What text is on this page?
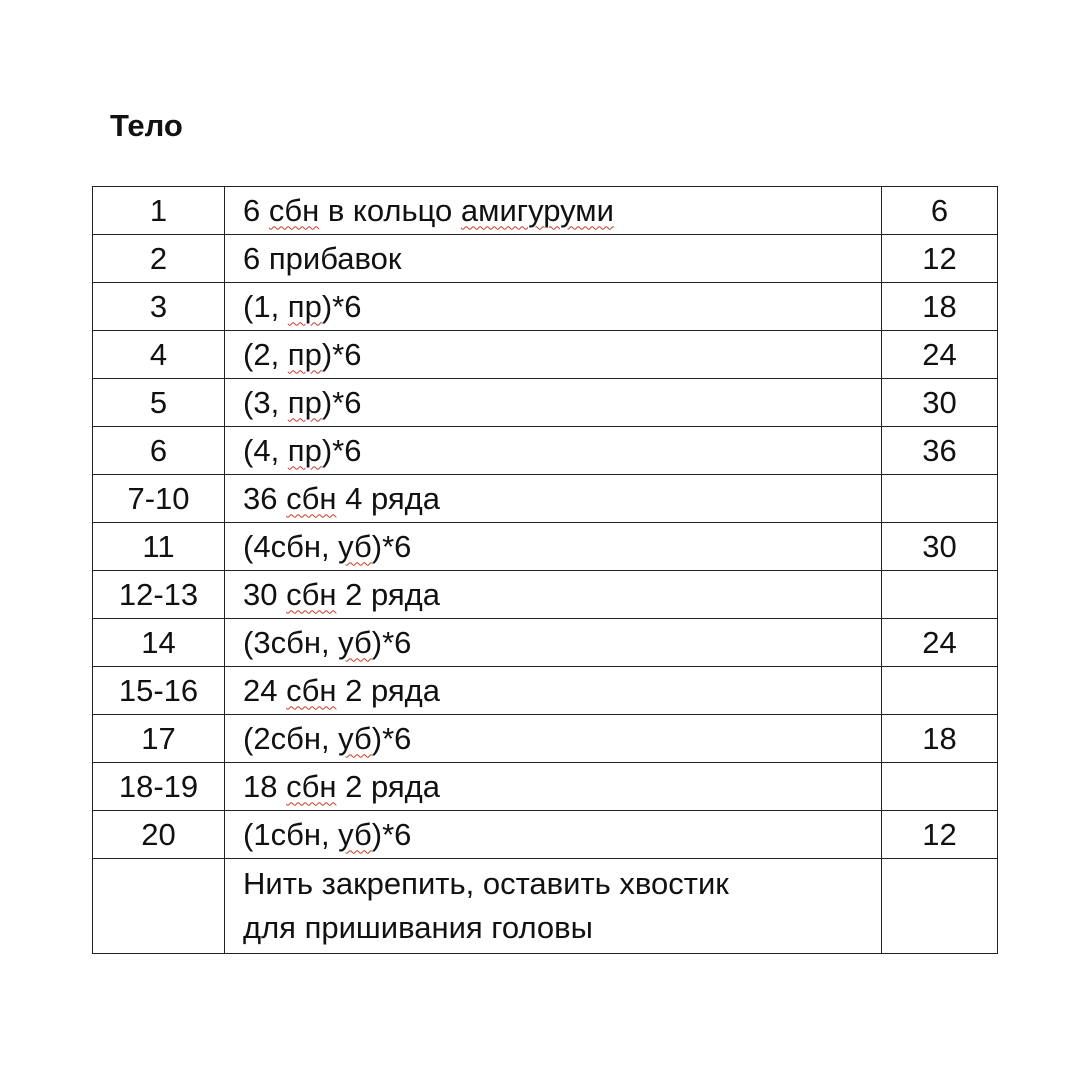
Тело
1	6 сбн в кольцо амигуруми	6
2	6 прибавок	12
3	(1, пр)*6	18
4	(2, пр)*6	24
5	(3, пр)*6	30
6	(4, пр)*6	36
7-10	36 сбн 4 ряда	
11	(4сбн, уб)*6	30
12-13	30 сбн 2 ряда	
14	(3сбн, уб)*6	24
15-16	24 сбн 2 ряда	
17	(2сбн, уб)*6	18
18-19	18 сбн 2 ряда	
20	(1сбн, уб)*6	12

	Нить закрепить, оставить хвостик
для пришивания головы	
